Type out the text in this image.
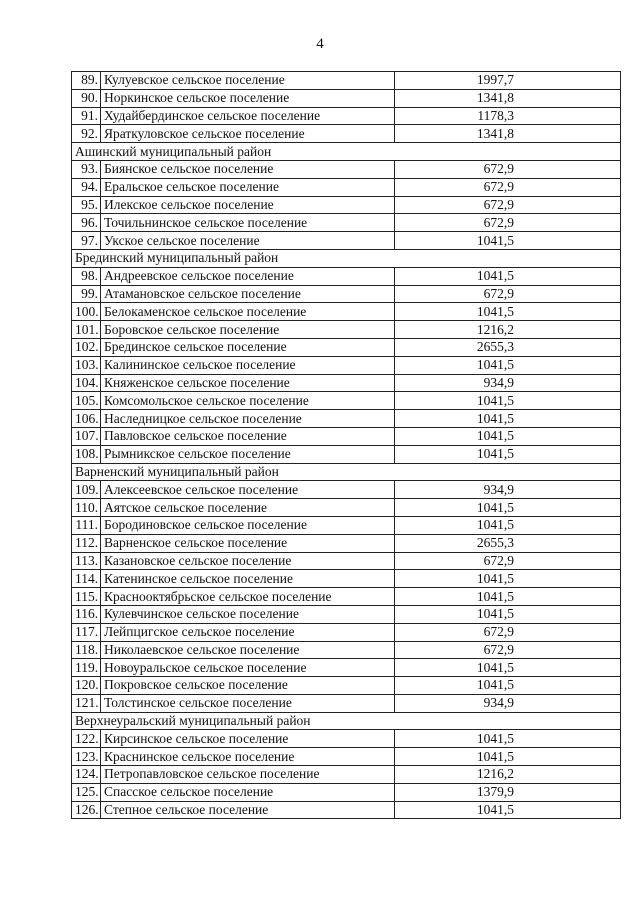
4
89.	Кулуевское сельское поселение	1997,7
90.	Норкинское сельское поселение	1341,8
91.	Худайбердинское сельское поселение	1178,3
92.	Яраткуловское сельское поселение	1341,8
Ашинский муниципальный район		
93.	Биянское сельское поселение	672,9
94.	Еральское сельское поселение	672,9
95.	Илекское сельское поселение	672,9
96.	Точильнинское сельское поселение	672,9
97.	Укское сельское поселение	1041,5
Брединский муниципальный район		
98.	Андреевское сельское поселение	1041,5
99.	Атамановское сельское поселение	672,9
100.	Белокаменское сельское поселение	1041,5
101.	Боровское сельское поселение	1216,2
102.	Брединское сельское поселение	2655,3
103.	Калининское сельское поселение	1041,5
104.	Княженское сельское поселение	934,9
105.	Комсомольское сельское поселение	1041,5
106.	Наследницкое сельское поселение	1041,5
107.	Павловское сельское поселение	1041,5
108.	Рымникское сельское поселение	1041,5
Варненский муниципальный район		
109.	Алексеевское сельское поселение	934,9
110.	Аятское сельское поселение	1041,5
111.	Бородиновское сельское поселение	1041,5
112.	Варненское сельское поселение	2655,3
113.	Казановское сельское поселение	672,9
114.	Катенинское сельское поселение	1041,5
115.	Краснооктябрьское сельское поселение	1041,5
116.	Кулевчинское сельское поселение	1041,5
117.	Лейпцигское сельское поселение	672,9
118.	Николаевское сельское поселение	672,9
119.	Новоуральское сельское поселение	1041,5
120.	Покровское сельское поселение	1041,5
121.	Толстинское сельское поселение	934,9
Верхнеуральский муниципальный район		
122.	Кирсинское сельское поселение	1041,5
123.	Краснинское сельское поселение	1041,5
124.	Петропавловское сельское поселение	1216,2
125.	Спасское сельское поселение	1379,9
126.	Степное сельское поселение	1041,5
